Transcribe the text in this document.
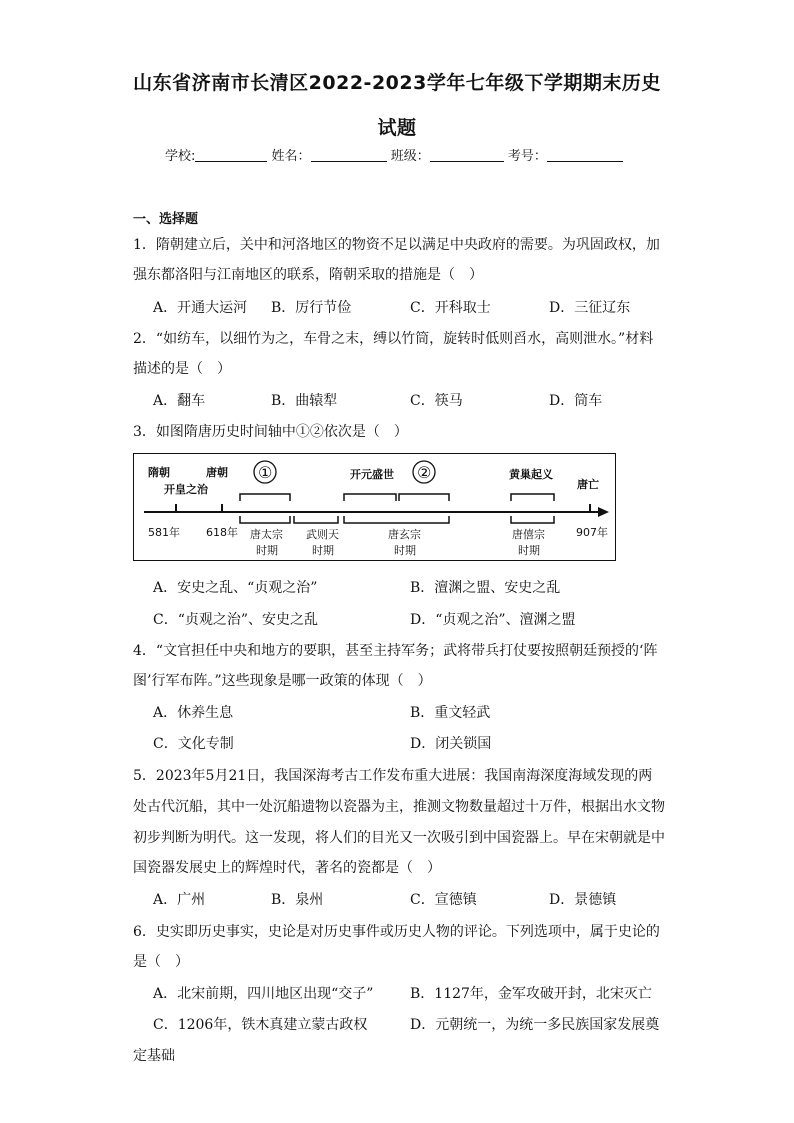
山东省济南市长清区2022-2023学年七年级下学期期末历史
试题
学校:	姓名：	班级：	考号：
一、选择题
1．隋朝建立后，关中和河洛地区的物资不足以满足中央政府的需要。为巩固政权，加
强东都洛阳与江南地区的联系，隋朝采取的措施是（　）
A．开通大运河 B．厉行节俭	C．开科取士	D．三征辽东
2．“如纺车，以细竹为之，车骨之末，缚以竹筒，旋转时低则舀水，高则泄水。”材料
描述的是（　）
A．翻车	B．曲辕犁	C．筷马	D．筒车
3．如图隋唐历史时间轴中①②依次是（　）
隋朝
开皇之治
唐朝 ①	开元盛世 ②	黄巢起义
唐亡
581年 618年 唐太宗
时期
武则天
时期
唐玄宗
时期
唐僖宗
时期
907年
A．安史之乱、“贞观之治”	B．澶渊之盟、安史之乱
C．“贞观之治”、安史之乱	D．“贞观之治”、澶渊之盟
4．“文官担任中央和地方的要职，甚至主持军务；武将带兵打仗要按照朝廷预授的‘阵
图’行军布阵。”这些现象是哪一政策的体现（　）
A．休养生息	B．重文轻武
C．文化专制	D．闭关锁国
5．2023年5月21日，我国深海考古工作发布重大进展：我国南海深度海域发现的两
处古代沉船，其中一处沉船遗物以瓷器为主，推测文物数量超过十万件，根据出水文物
初步判断为明代。这一发现，将人们的目光又一次吸引到中国瓷器上。早在宋朝就是中
国瓷器发展史上的辉煌时代，著名的瓷都是（　）
A．广州	B．泉州	C．宣德镇	D．景德镇
6．史实即历史事实，史论是对历史事件或历史人物的评论。下列选项中，属于史论的
是（　）
A．北宋前期，四川地区出现“交子”	B．1127年，金军攻破开封，北宋灭亡
C．1206年，铁木真建立蒙古政权	D．元朝统一，为统一多民族国家发展奠
定基础
